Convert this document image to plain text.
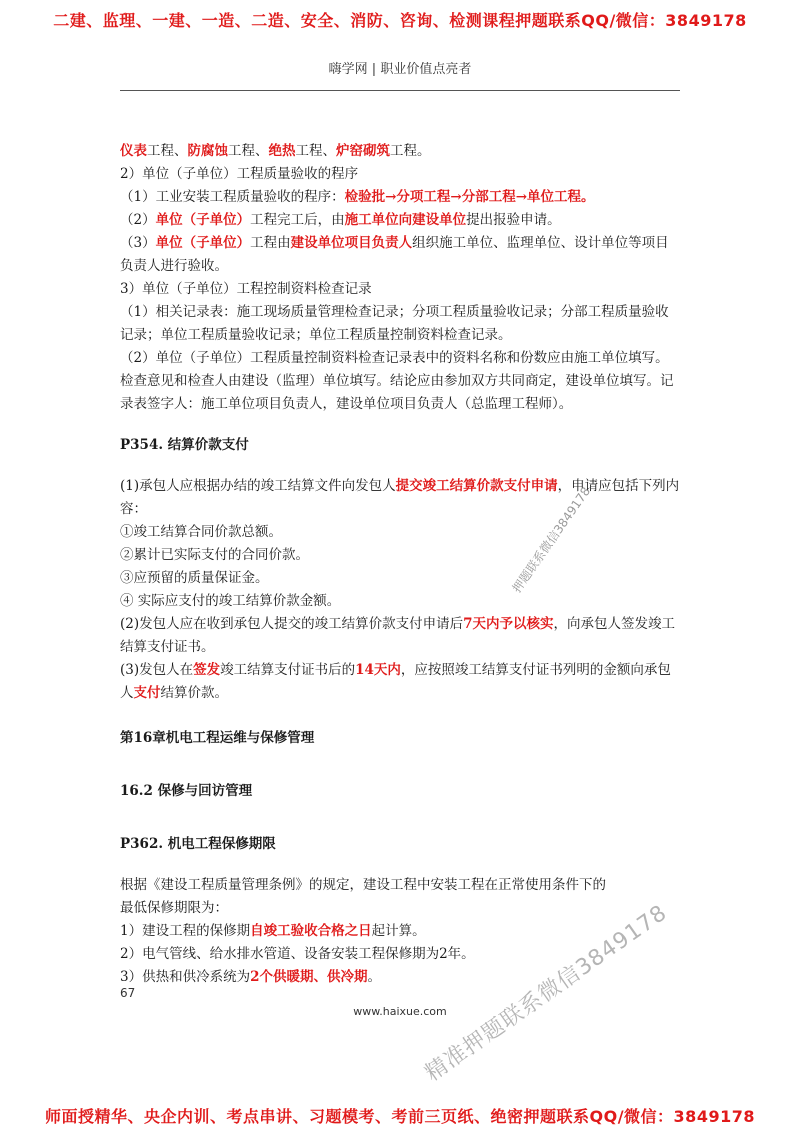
二建、监理、一建、一造、二造、安全、消防、咨询、检测课程押题联系QQ/微信：3849178
嗨学网 | 职业价值点亮者

仪表工程、防腐蚀工程、绝热工程、炉窑砌筑工程。

2）单位（子单位）工程质量验收的程序

（1）工业安装工程质量验收的程序：检验批→分项工程→分部工程→单位工程。

（2）单位（子单位）工程完工后，由施工单位向建设单位提出报验申请。

（3）单位（子单位）工程由建设单位项目负责人组织施工单位、监理单位、设计单位等项目负责人进行验收。

3）单位（子单位）工程控制资料检查记录

（1）相关记录表：施工现场质量管理检查记录；分项工程质量验收记录；分部工程质量验收记录；单位工程质量验收记录；单位工程质量控制资料检查记录。

（2）单位（子单位）工程质量控制资料检查记录表中的资料名称和份数应由施工单位填写。检查意见和检查人由建设（监理）单位填写。结论应由参加双方共同商定，建设单位填写。记录表签字人：施工单位项目负责人，建设单位项目负责人（总监理工程师）。

P354. 结算价款支付

(1)承包人应根据办结的竣工结算文件向发包人提交竣工结算价款支付申请，申请应包括下列内容：

①竣工结算合同价款总额。

②累计已实际支付的合同价款。

③应预留的质量保证金。

④ 实际应支付的竣工结算价款金额。

(2)发包人应在收到承包人提交的竣工结算价款支付申请后7天内予以核实，向承包人签发竣工结算支付证书。

(3)发包人在签发竣工结算支付证书后的14天内，应按照竣工结算支付证书列明的金额向承包人支付结算价款。

第16章机电工程运维与保修管理

16.2 保修与回访管理

P362. 机电工程保修期限

根据《建设工程质量管理条例》的规定，建设工程中安装工程在正常使用条件下的

最低保修期限为：

1）建设工程的保修期自竣工验收合格之日起计算。

2）电气管线、给水排水管道、设备安装工程保修期为2年。

3）供热和供冷系统为2个供暖期、供冷期。

67
www.haixue.com
押题联系微信3849178
精准押题联系微信3849178
师面授精华、央企内训、考点串讲、习题模考、考前三页纸、绝密押题联系QQ/微信：3849178
